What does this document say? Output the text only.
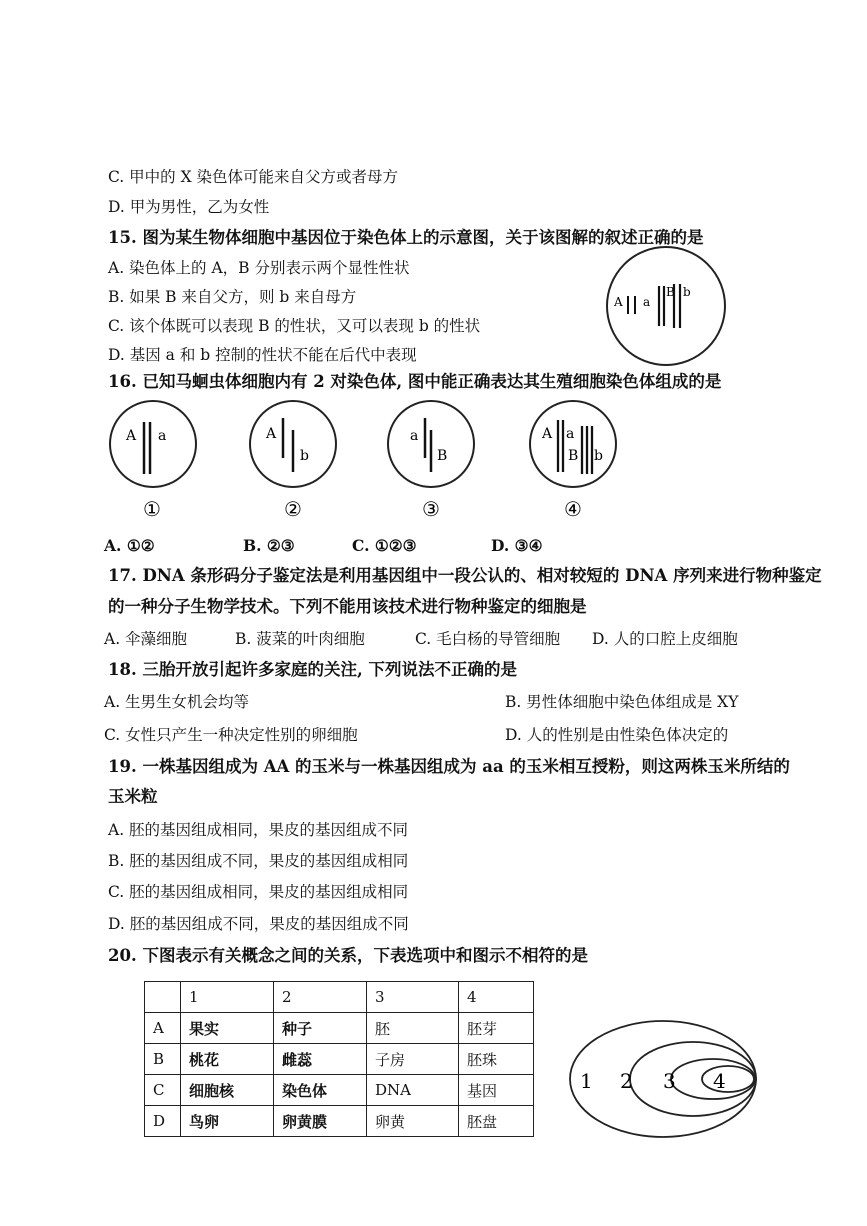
C. 甲中的 X 染色体可能来自父方或者母方
D. 甲为男性，乙为女性
15. 图为某生物体细胞中基因位于染色体上的示意图，关于该图解的叙述正确的是
A. 染色体上的 A，B 分别表示两个显性性状
B. 如果 B 来自父方，则 b 来自母方
C. 该个体既可以表现 B 的性状，又可以表现 b 的性状
D. 基因 a 和 b 控制的性状不能在后代中表现
A a
B b
16. 已知马蛔虫体细胞内有 2 对染色体, 图中能正确表达其生殖细胞染色体组成的是
A a
①
A
b
②
a
B
③
A a
B b
④
A. ①②	B. ②③	C. ①②③	D. ③④
17. DNA 条形码分子鉴定法是利用基因组中一段公认的、相对较短的 DNA 序列来进行物种鉴定
的一种分子生物学技术。下列不能用该技术进行物种鉴定的细胞是
A. 伞藻细胞	B. 菠菜的叶肉细胞	C. 毛白杨的导管细胞 D. 人的口腔上皮细胞
18. 三胎开放引起许多家庭的关注, 下列说法不正确的是
A. 生男生女机会均等	B. 男性体细胞中染色体组成是 XY
C. 女性只产生一种决定性别的卵细胞	D. 人的性别是由性染色体决定的
19. 一株基因组成为 AA 的玉米与一株基因组成为 aa 的玉米相互授粉，则这两株玉米所结的
玉米粒
A. 胚的基因组成相同，果皮的基因组成不同
B. 胚的基因组成不同，果皮的基因组成相同
C. 胚的基因组成相同，果皮的基因组成相同
D. 胚的基因组成不同，果皮的基因组成不同
20. 下图表示有关概念之间的关系，下表选项中和图示不相符的是
	1	2	3	4
A	果实	种子	胚	胚芽
B	桃花	雌蕊	子房	胚珠
C	细胞核	染色体	DNA	基因
D	鸟卵	卵黄膜	卵黄	胚盘
1 2 3 4
